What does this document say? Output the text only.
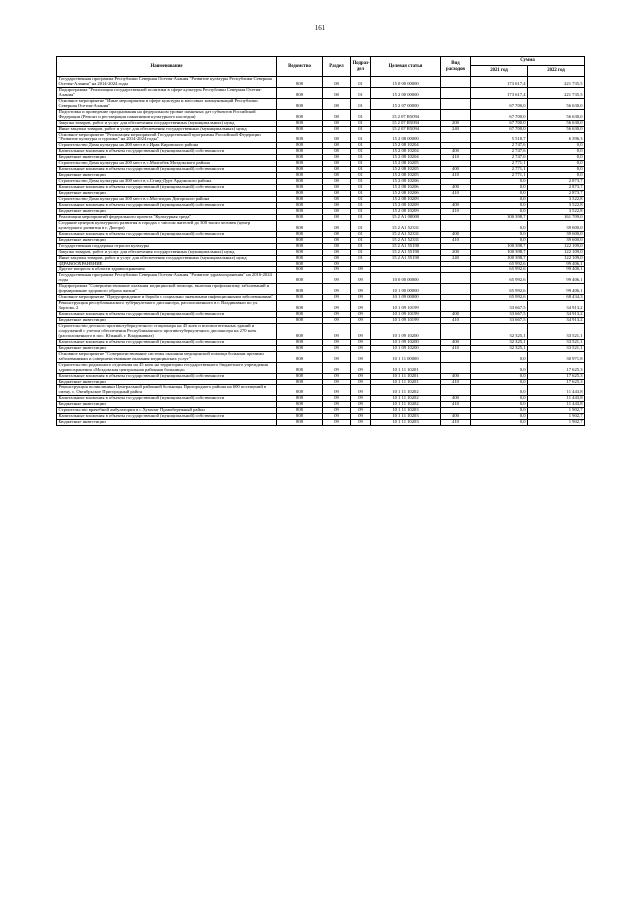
161
Наименование	Ведомство	Раздел	Подраз-дел	Целевая статья	Вид расходов	Сумма	
						2021 год	2022 год
Государственная программа Республики Северная Осетия-Алания "Развитие культуры Республики Северная Осетия-Алания" на 2014-2024 годы	808	08	01	15 0 00 00000		173 617,4	221 735,5
Подпрограмма "Реализация государственной политики в сфере культуры Республики Северная Осетия-Алания"	808	08	01	15 2 00 00000		173 617,4	221 735,5
Основное мероприятие "Иные мероприятия в сфере культуры и массовых коммуникаций Республики Северная Осетия-Алания"	808	08	01	15 2 07 00000		67 700,0	56 630,0
Подготовка и проведение празднования на федеральном уровне памятных дат субъектов Российской Федерации (Ремонт и реставрация памятников культурного наследия)	808	08	01	15 2 07 R5094		67 700,0	56 630,0
Закупка товаров, работ и услуг для обеспечения государственных (муниципальных) нужд	808	08	01	15 2 07 R5094	200	67 700,0	56 630,0
Иные закупки товаров, работ и услуг для обеспечения государственных (муниципальных) нужд	808	08	01	15 2 07 R5094	240	67 700,0	56 630,0
Основное мероприятие "Реализация мероприятий Государственной программы Российской Федерации "Развитие культуры и туризма" на 2014-2024 годы"	808	08	01	15 2 08 00000		5 518,7	6 396,3
Строительство Дома культуры на 200 мест в с.Ирак Кировского района	808	08	01	15 2 08 10204		2 747,6	0,0
Капитальные вложения в объекты государственной (муниципальной) собственности	808	08	01	15 2 08 10204	400	2 747,6	0,0
Бюджетные инвестиции	808	08	01	15 2 08 10204	410	2 747,6	0,0
Строительство Дома культуры на 200 мест в с.Малгобек Моздокского района	808	08	01	15 2 08 10205		2 771,1	0,0
Капитальные вложения в объекты государственной (муниципальной) собственности	808	08	01	15 2 08 10205	400	2 771,1	0,0
Бюджетные инвестиции	808	08	01	15 2 08 10205	410	2 771,1	0,0
Строительство Дома культуры на 300 мест в с.Ставд-Дурт Ардонского района	808	08	01	15 2 08 10206		0,0	2 873,7
Капитальные вложения в объекты государственной (муниципальной) собственности	808	08	01	15 2 08 10206	400	0,0	2 873,7
Бюджетные инвестиции	808	08	01	15 2 08 10206	410	0,0	2 873,7
Строительство Дома культуры на 300 мест в с.Мостиздах Дигорского района	808	08	01	15 2 08 10209		0,0	3 522,8
Капитальные вложения в объекты государственной (муниципальной) собственности	808	08	01	15 2 08 10209	400	0,0	3 522,8
Бюджетные инвестиции	808	08	01	15 2 08 10209	410	0,0	3 522,8
Реализация мероприятий федерального проекта "Культурная среда"	808	08	01	15 2 A1 00000		100 398,7	161 709,0
Создание центров культурного развития в городах с числом жителей до 300 тысяч человек (центр культурного развития в г. Дигора)	808	08	01	15 2 A1 52331		0,0	39 600,0
Капитальные вложения в объекты государственной (муниципальной) собственности	808	08	01	15 2 A1 52331	400	0,0	39 600,0
Бюджетные инвестиции	808	08	01	15 2 A1 52331	410	0,0	39 600,0
Государственная поддержка отрасли культуры	808	08	01	15 2 A1 55190		100 398,7	122 109,0
Закупка товаров, работ и услуг для обеспечения государственных (муниципальных) нужд	808	08	01	15 2 A1 55190	200	100 398,7	122 109,0
Иные закупки товаров, работ и услуг для обеспечения государственных (муниципальных) нужд	808	08	01	15 2 A1 55190	240	100 398,7	122 109,0
ЗДРАВООХРАНЕНИЕ	808	09				65 992,6	99 406,1
Другие вопросы в области здравоохранения	808	09	09			65 992,6	99 406,1
Государственная программа Республики Северная Осетия-Алания "Развитие здравоохранения" на 2016-2024 годы	808	09	09	10 0 00 00000		65 992,6	99 406,1
Подпрограмма "Совершенствование оказания медицинской помощи, включая профилактику заболеваний и формирование здорового образа жизни"	808	09	09	10 1 00 00000		65 992,6	99 406,1
Основное мероприятие "Предупреждение и борьба с социально значимыми инфекционными заболеваниями"	808	09	09	10 1 09 00000		65 992,6	68 434,3
Реконструкция республиканского туберкулезного диспансера, расположенного в г. Владикавказ по ул. Зортова, 2	808	09	09	10 1 09 10199		33 667,5	34 913,2
Капитальные вложения в объекты государственной (муниципальной) собственности	808	09	09	10 1 09 10199	400	33 667,5	34 913,2
Бюджетные инвестиции	808	09	09	10 1 09 10199	410	33 667,5	34 913,2
Строительство детского противотуберкулезного стационара на 45 коек и вспомогательных зданий и сооружений с учетом обеспечения Республиканского противотуберкулезного диспансера на 270 коек (расположенного в пос. Южный, г. Владикавказ)	808	09	09	10 1 09 10200		32 325,1	33 521,1
Капитальные вложения в объекты государственной (муниципальной) собственности	808	09	09	10 1 09 10200	400	32 325,1	33 521,1
Бюджетные инвестиции	808	09	09	10 1 09 10200	410	32 325,1	33 521,1
Основное мероприятие "Совершенствование системы оказания медицинской помощи больным прочими заболеваниями и совершенствование оказания медицинских услуг"	808	09	09	10 1 11 00000		0,0	30 971,8
Строительство родильного отделения на 45 коек на территории государственного бюджетного учреждения здравоохранения «Моздокская центральная районная больница»	808	09	09	10 1 11 10201		0,0	17 625,3
Капитальные вложения в объекты государственной (муниципальной) собственности	808	09	09	10 1 11 10201	400	0,0	17 625,3
Бюджетные инвестиции	808	09	09	10 1 11 10201	410	0,0	17 625,3
Реконструкция поликлиники Центральной районной больницы Пригородного района на 600 посещений в смену, с. Октябрьское Пригородный район	808	09	09	10 1 11 10202		0,0	11 443,8
Капитальные вложения в объекты государственной (муниципальной) собственности	808	09	09	10 1 11 10202	400	0,0	11 443,8
Бюджетные инвестиции	808	09	09	10 1 11 10202	410	0,0	11 443,8
Строительство врачебной амбулатории в с.Хумалаг Правобережный район	808	09	09	10 1 11 10203		0,0	1 902,7
Капитальные вложения в объекты государственной (муниципальной) собственности	808	09	09	10 1 11 10203	400	0,0	1 902,7
Бюджетные инвестиции	808	09	09	10 1 11 10203	410	0,0	1 902,7
